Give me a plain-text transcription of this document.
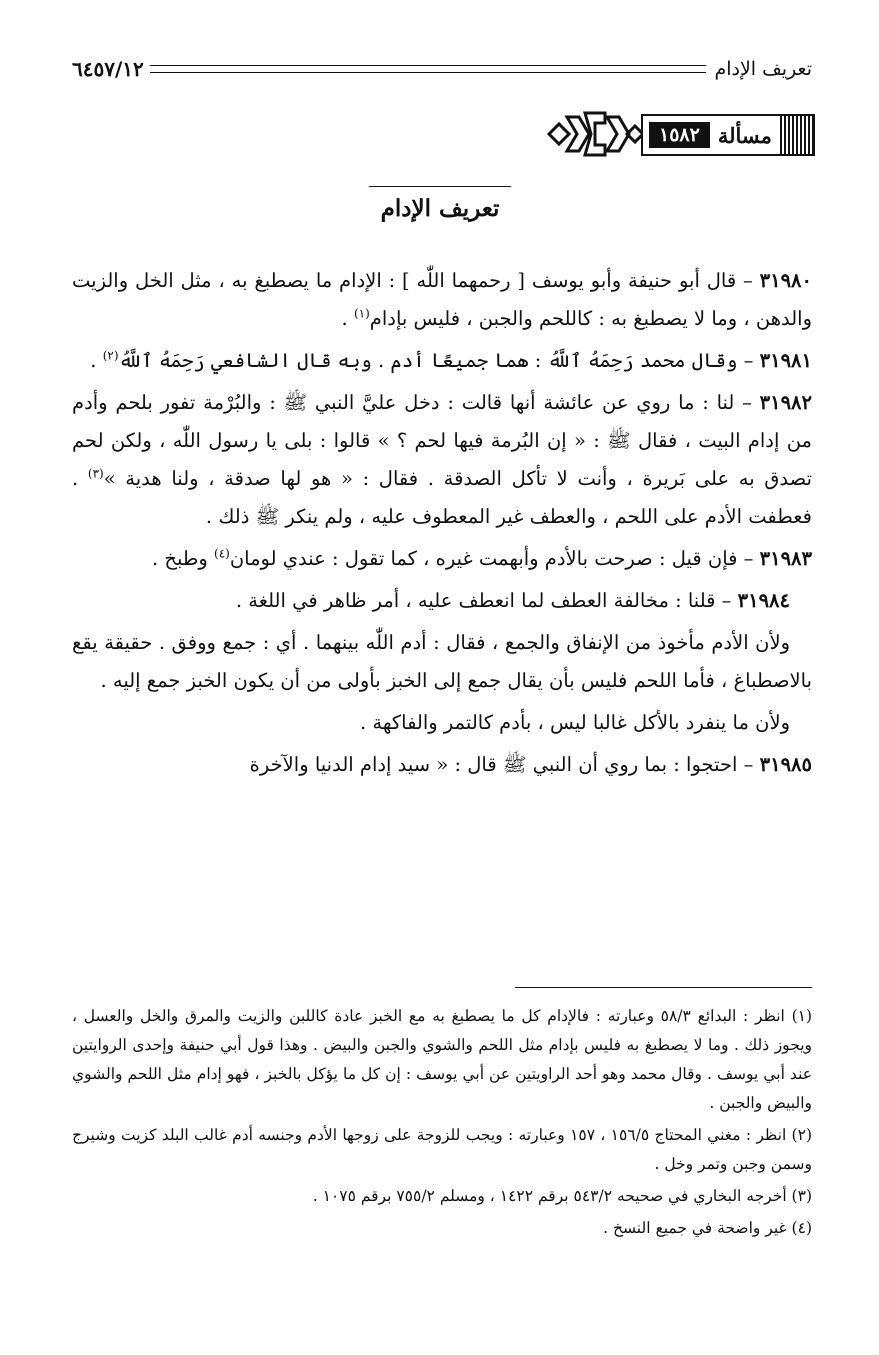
تعريف الإدام
٦٤٥٧/١٢
مسألة
١٥٨٢
تعريف الإدام

٣١٩٨٠ – قال أبو حنيفة وأبو يوسف [ رحمهما اللّٰه ] : الإدام ما يصطبغ به ، مثل الخل والزيت والدهن ، وما لا يصطبغ به : كاللحم والجبن ، فليس بإدام$^{(١)}$ .

٣١٩٨١ – وقال محمد رَحِمَهُ ٱللَّهُ : هما جميعًا أدم . وبه قال الشافعي رَحِمَهُ ٱللَّهُ$^{(٢)}$ .

٣١٩٨٢ – لنا : ما روي عن عائشة أنها قالت : دخل عليَّ النبي ﷺ : والبُرْمة تفور بلحم وأدم من إدام البيت ، فقال ﷺ : « إن البُرمة فيها لحم ؟ » قالوا : بلى يا رسول اللّٰه ، ولكن لحم تصدق به على بَريرة ، وأنت لا تأكل الصدقة . فقال : « هو لها صدقة ، ولنا هدية »$^{(٣)}$ . فعطفت الأدم على اللحم ، والعطف غير المعطوف عليه ، ولم ينكر ﷺ ذلك .

٣١٩٨٣ – فإن قيل : صرحت بالأدم وأبهمت غيره ، كما تقول : عندي لومان$^{(٤)}$ وطبخ .

٣١٩٨٤ – قلنا : مخالفة العطف لما انعطف عليه ، أمر ظاهر في اللغة .

ولأن الأدم مأخوذ من الإنفاق والجمع ، فقال : أدم اللّٰه بينهما . أي : جمع ووفق . حقيقة يقع بالاصطباغ ، فأما اللحم فليس بأن يقال جمع إلى الخبز بأولى من أن يكون الخبز جمع إليه .

ولأن ما ينفرد بالأكل غالبا ليس ، بأدم كالتمر والفاكهة .

٣١٩٨٥ – احتجوا : بما روي أن النبي ﷺ قال : « سيد إدام الدنيا والآخرة

(١) انظر : البدائع ٥٨/٣ وعبارته : فالإدام كل ما يصطبغ به مع الخبز عادة كاللبن والزيت والمرق والخل والعسل ، ويجوز ذلك . وما لا يصطبغ به فليس بإدام مثل اللحم والشوي والجبن والبيض . وهذا قول أبي حنيفة وإحدى الروايتين عند أبي يوسف . وقال محمد وهو أحد الراويتين عن أبي يوسف : إن كل ما يؤكل بالخبز ، فهو إدام مثل اللحم والشوي والبيض والجبن .

(٢) انظر : مغني المحتاج ١٥٦/٥ ، ١٥٧ وعبارته : ويجب للزوجة على زوجها الأدم وجنسه أدم غالب البلد كزيت وشيرج وسمن وجبن وتمر وخل .

(٣) أخرجه البخاري في صحيحه ٥٤٣/٢ برقم ١٤٢٢ ، ومسلم ٧٥٥/٢ برقم ١٠٧٥ .

(٤) غير واضحة في جميع النسخ .
